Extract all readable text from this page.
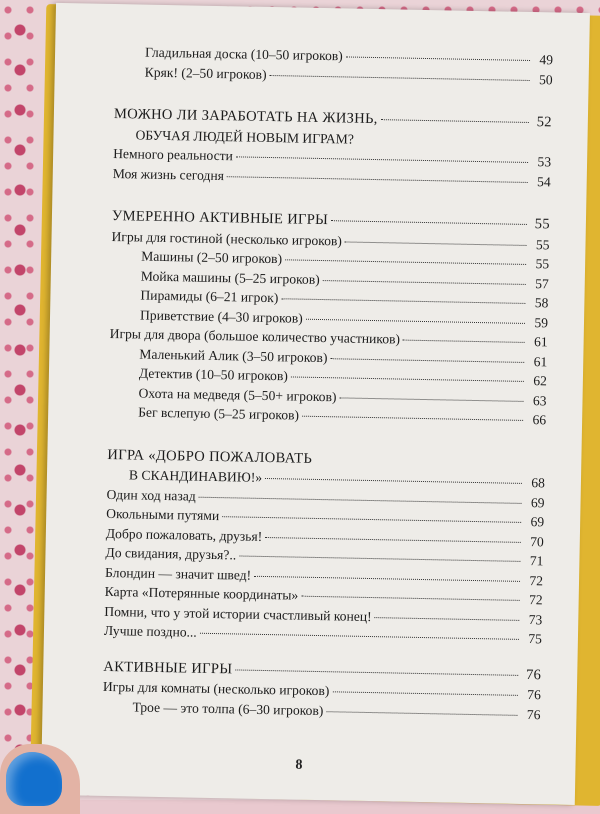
Гладильная доска (10–50 игроков)	49
Кряк! (2–50 игроков)	50
МОЖНО ЛИ ЗАРАБОТАТЬ НА ЖИЗНЬ,	52
ОБУЧАЯ ЛЮДЕЙ НОВЫМ ИГРАМ?
Немного реальности	53
Моя жизнь сегодня	54
УМЕРЕННО АКТИВНЫЕ ИГРЫ	55
Игры для гостиной (несколько игроков)	55
Машины (2–50 игроков)	55
Мойка машины (5–25 игроков)	57
Пирамиды (6–21 игрок)	58
Приветствие (4–30 игроков)	59
Игры для двора (большое количество участников)	61
Маленький Алик (3–50 игроков)	61
Детектив (10–50 игроков)	62
Охота на медведя (5–50+ игроков)	63
Бег вслепую (5–25 игроков)	66
ИГРА «ДОБРО ПОЖАЛОВАТЬ
В СКАНДИНАВИЮ!»	68
Один ход назад	69
Окольными путями	69
Добро пожаловать, друзья!	70
До свидания, друзья?..	71
Блондин — значит швед!	72
Карта «Потерянные координаты»	72
Помни, что у этой истории счастливый конец!	73
Лучше поздно...	75
АКТИВНЫЕ ИГРЫ	76
Игры для комнаты (несколько игроков)	76
Трое — это толпа (6–30 игроков)	76
8
